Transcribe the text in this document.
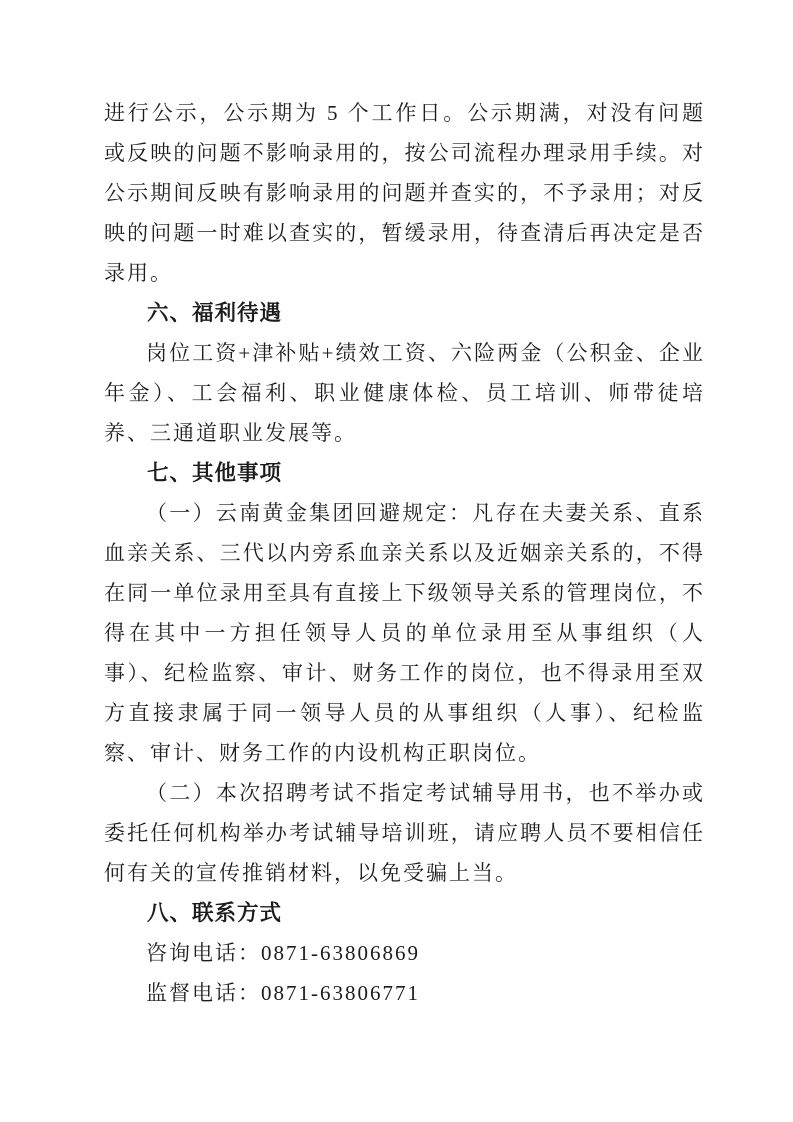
进行公示，公示期为 5 个工作日。公示期满，对没有问题或反映的问题不影响录用的，按公司流程办理录用手续。对公示期间反映有影响录用的问题并查实的，不予录用；对反映的问题一时难以查实的，暂缓录用，待查清后再决定是否录用。

六、福利待遇

岗位工资+津补贴+绩效工资、六险两金（公积金、企业年金）、工会福利、职业健康体检、员工培训、师带徒培养、三通道职业发展等。

七、其他事项

（一）云南黄金集团回避规定：凡存在夫妻关系、直系血亲关系、三代以内旁系血亲关系以及近姻亲关系的，不得在同一单位录用至具有直接上下级领导关系的管理岗位，不得在其中一方担任领导人员的单位录用至从事组织（人事）、纪检监察、审计、财务工作的岗位，也不得录用至双方直接隶属于同一领导人员的从事组织（人事）、纪检监察、审计、财务工作的内设机构正职岗位。

（二）本次招聘考试不指定考试辅导用书，也不举办或委托任何机构举办考试辅导培训班，请应聘人员不要相信任何有关的宣传推销材料，以免受骗上当。

八、联系方式

咨询电话：0871-63806869

监督电话：0871-63806771
